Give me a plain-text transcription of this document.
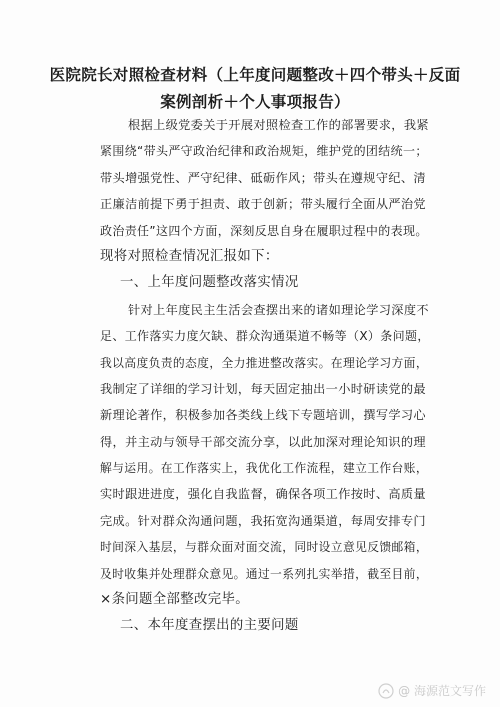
医院院长对照检查材料（上年度问题整改＋四个带头＋反面
案例剖析＋个人事项报告）
根据上级党委关于开展对照检查工作的部署要求，我紧
紧围绕“带头严守政治纪律和政治规矩，维护党的团结统一；
带头增强党性、严守纪律、砥砺作风；带头在遵规守纪、清
正廉洁前提下勇于担责、敢于创新；带头履行全面从严治党
政治责任”这四个方面，深刻反思自身在履职过程中的表现。
现将对照检查情况汇报如下：
一、上年度问题整改落实情况
针对上年度民主生活会查摆出来的诸如理论学习深度不
足、工作落实力度欠缺、群众沟通渠道不畅等（X）条问题，
我以高度负责的态度，全力推进整改落实。在理论学习方面，
我制定了详细的学习计划，每天固定抽出一小时研读党的最
新理论著作，积极参加各类线上线下专题培训，撰写学习心
得，并主动与领导干部交流分享，以此加深对理论知识的理
解与运用。在工作落实上，我优化工作流程，建立工作台账，
实时跟进进度，强化自我监督，确保各项工作按时、高质量
完成。针对群众沟通问题，我拓宽沟通渠道，每周安排专门
时间深入基层，与群众面对面交流，同时设立意见反馈邮箱，
及时收集并处理群众意见。通过一系列扎实举措，截至目前，
×条问题全部整改完毕。
二、本年度查摆出的主要问题
@ 海源范文写作
